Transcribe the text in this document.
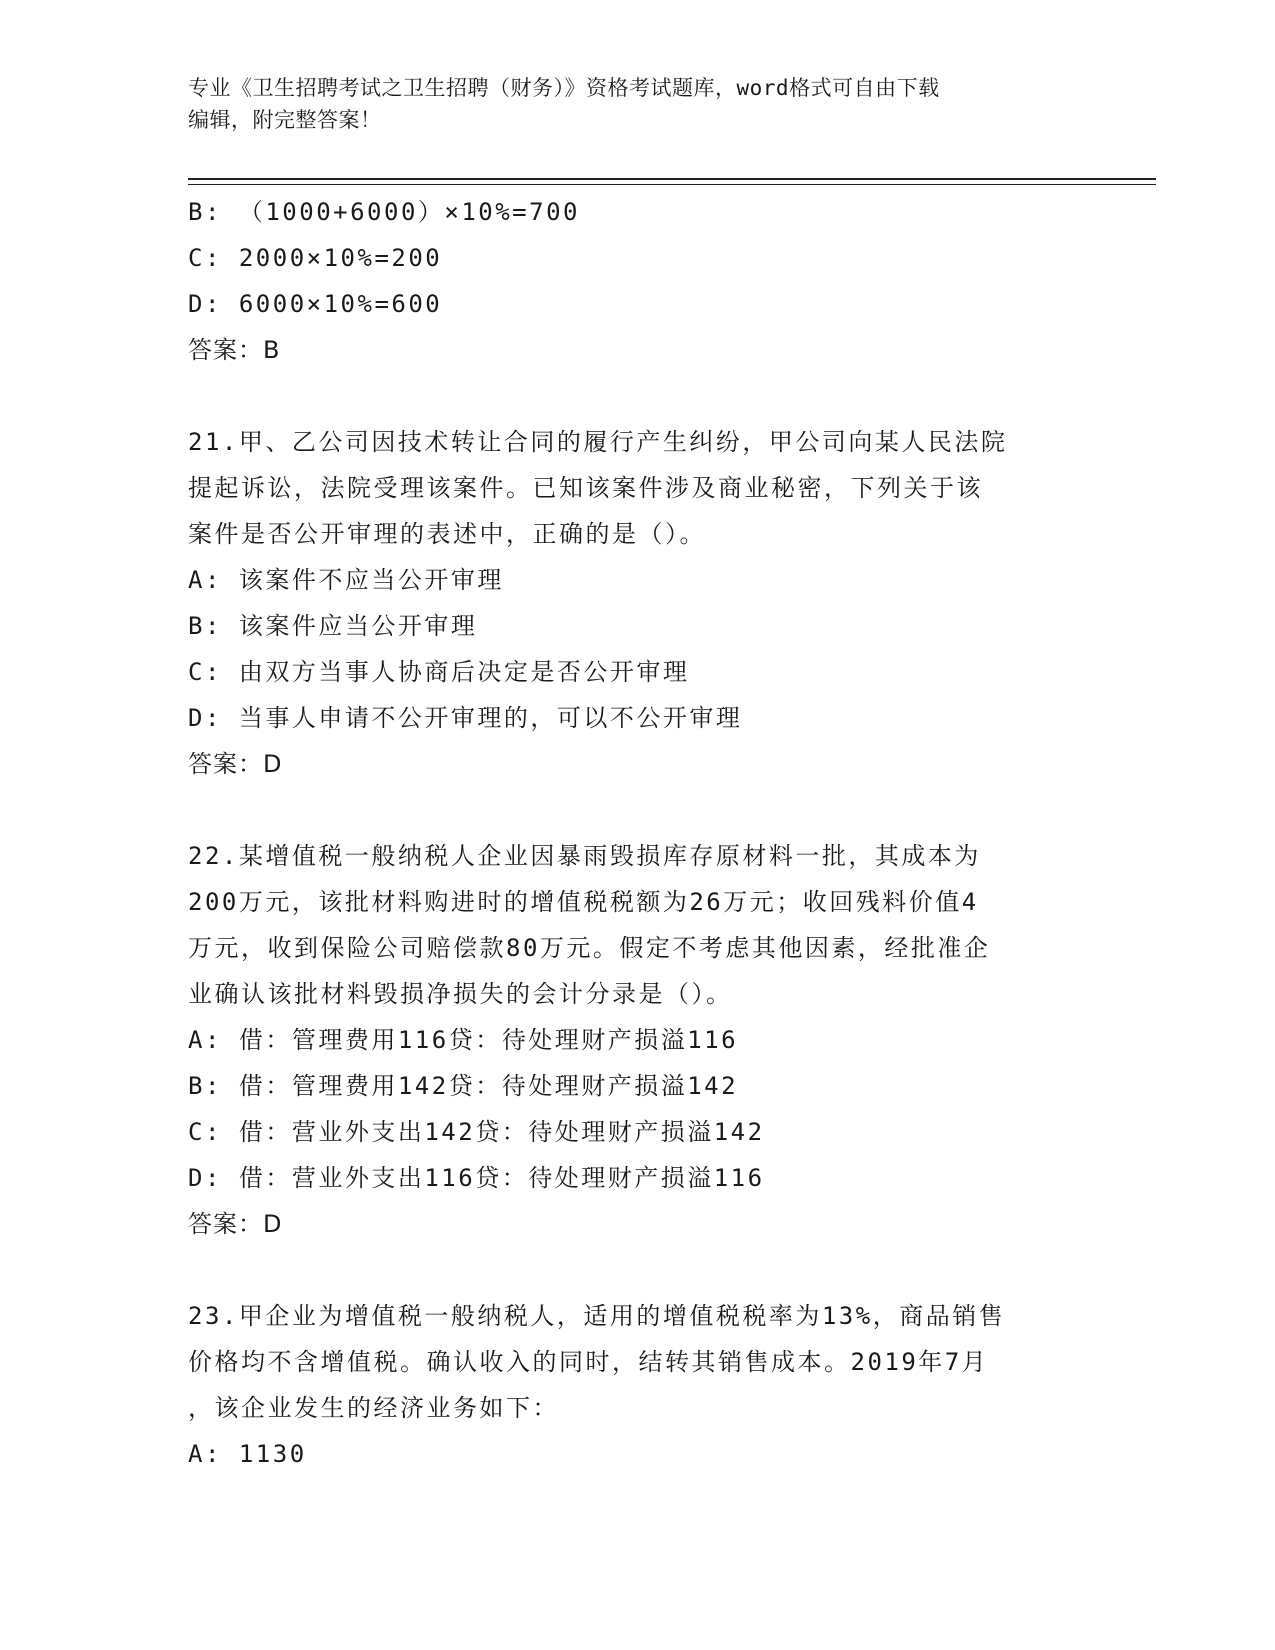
专业《卫生招聘考试之卫生招聘（财务）》资格考试题库，word格式可自由下载
编辑，附完整答案！
B: （1000+6000）×10%=700
C: 2000×10%=200
D: 6000×10%=600
答案：B
21.甲、乙公司因技术转让合同的履行产生纠纷，甲公司向某人民法院
提起诉讼，法院受理该案件。已知该案件涉及商业秘密，下列关于该
案件是否公开审理的表述中，正确的是（）。
A: 该案件不应当公开审理
B: 该案件应当公开审理
C: 由双方当事人协商后决定是否公开审理
D: 当事人申请不公开审理的，可以不公开审理
答案：D
22.某增值税一般纳税人企业因暴雨毁损库存原材料一批，其成本为
200万元，该批材料购进时的增值税税额为26万元；收回残料价值4
万元，收到保险公司赔偿款80万元。假定不考虑其他因素，经批准企
业确认该批材料毁损净损失的会计分录是（）。
A: 借：管理费用116贷：待处理财产损溢116
B: 借：管理费用142贷：待处理财产损溢142
C: 借：营业外支出142贷：待处理财产损溢142
D: 借：营业外支出116贷：待处理财产损溢116
答案：D
23.甲企业为增值税一般纳税人，适用的增值税税率为13%，商品销售
价格均不含增值税。确认收入的同时，结转其销售成本。2019年7月
，该企业发生的经济业务如下：
A: 1130
